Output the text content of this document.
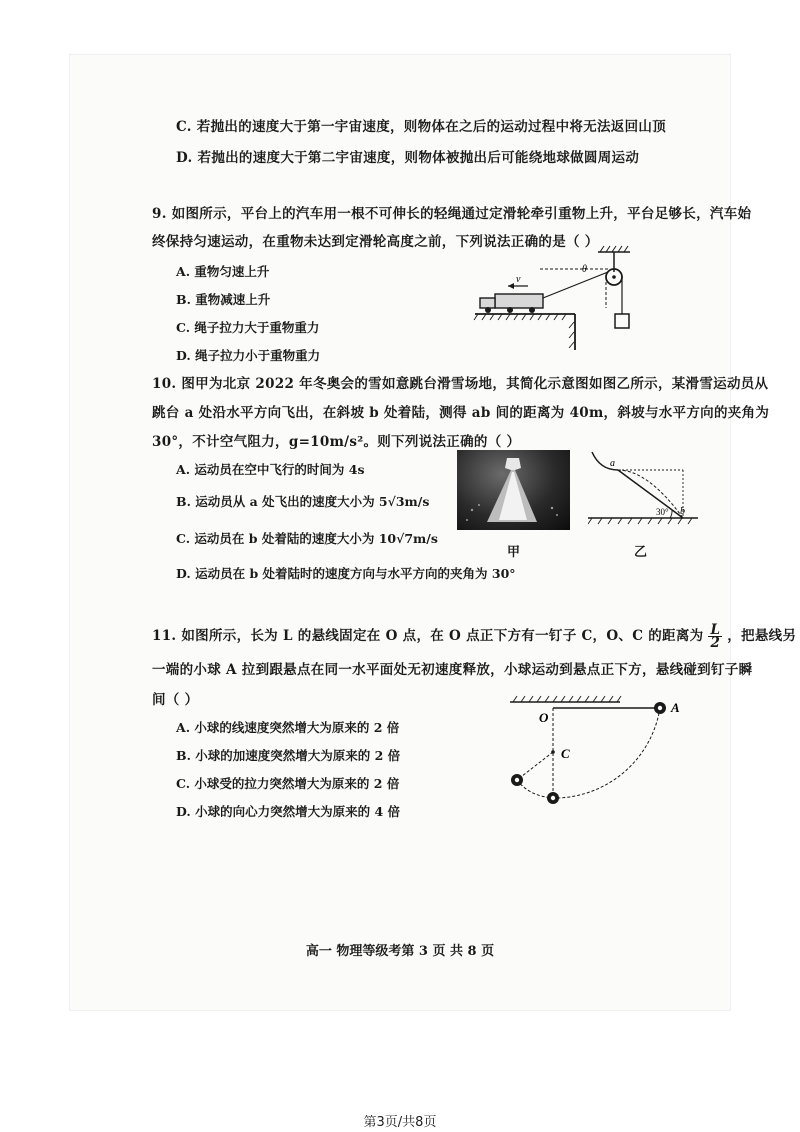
C. 若抛出的速度大于第一宇宙速度，则物体在之后的运动过程中将无法返回山顶
D. 若抛出的速度大于第二宇宙速度，则物体被抛出后可能绕地球做圆周运动
9. 如图所示，平台上的汽车用一根不可伸长的轻绳通过定滑轮牵引重物上升，平台足够长，汽车始
终保持匀速运动，在重物未达到定滑轮高度之前，下列说法正确的是（ ）
A. 重物匀速上升
B. 重物减速上升
C. 绳子拉力大于重物重力
D. 绳子拉力小于重物重力
v
θ
10. 图甲为北京 2022 年冬奥会的雪如意跳台滑雪场地，其简化示意图如图乙所示，某滑雪运动员从
跳台 a 处沿水平方向飞出，在斜坡 b 处着陆，测得 ab 间的距离为 40m，斜坡与水平方向的夹角为
30°，不计空气阻力，g=10m/s²。则下列说法正确的（ ）
A. 运动员在空中飞行的时间为 4s
B. 运动员从 a 处飞出的速度大小为 5√3m/s
C. 运动员在 b 处着陆的速度大小为 10√7m/s
D. 运动员在 b 处着陆时的速度方向与水平方向的夹角为 30°
甲
a
b
30°
乙
11. 如图所示，长为 L 的悬线固定在 O 点，在 O 点正下方有一钉子 C，O、C 的距离为 $\frac{L}{2}$ ，把悬线另
一端的小球 A 拉到跟悬点在同一水平面处无初速度释放，小球运动到悬点正下方，悬线碰到钉子瞬
间（ ）
A. 小球的线速度突然增大为原来的 2 倍
B. 小球的加速度突然增大为原来的 2 倍
C. 小球受的拉力突然增大为原来的 2 倍
D. 小球的向心力突然增大为原来的 4 倍
O
A
C
高一 物理等级考第 3 页 共 8 页
第3页/共8页
